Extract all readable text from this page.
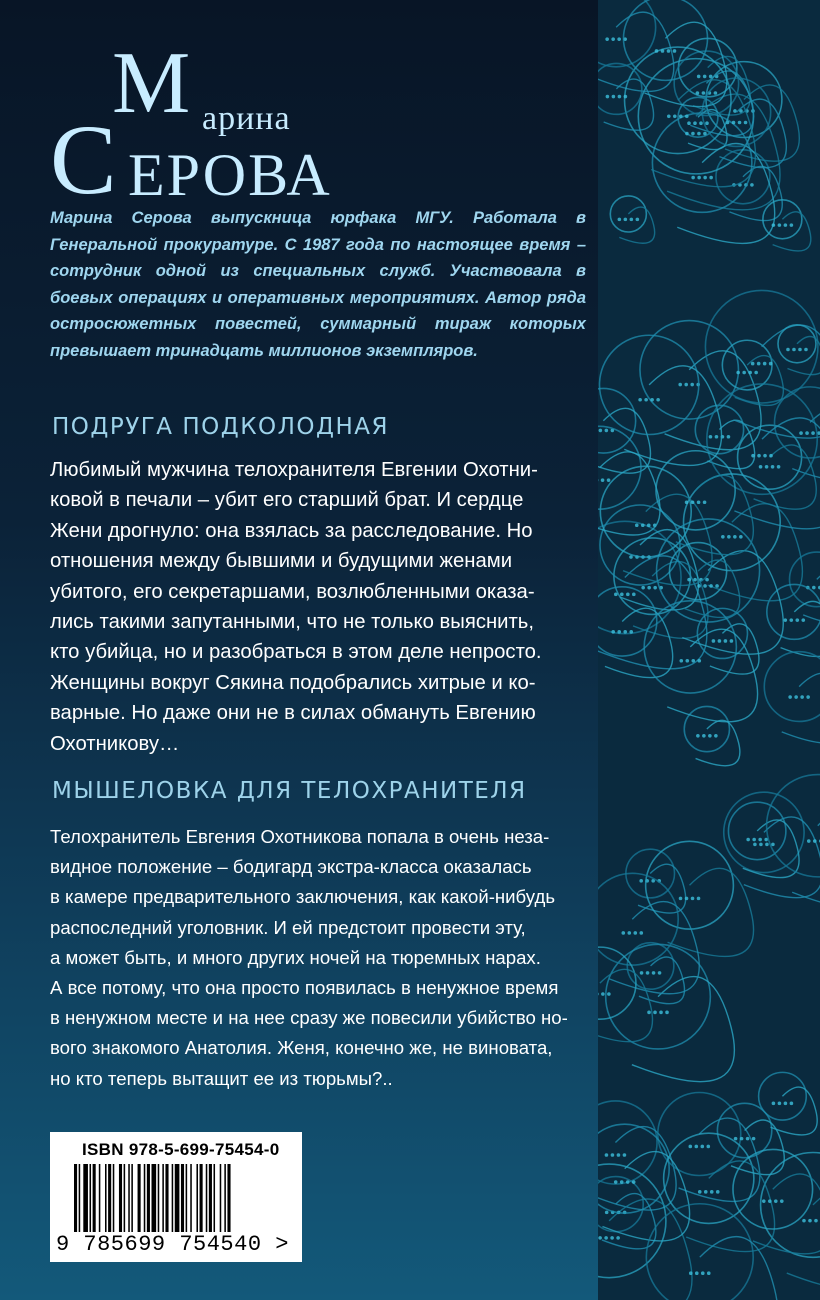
М арина
С ЕРОВА
Марина Серова выпускница юрфака МГУ. Работала в Генеральной прокуратуре. С 1987 года по настоящее время – сотрудник одной из специальных служб. Участвовала в боевых операциях и оперативных мероприятиях. Автор ряда остросюжетных повестей, суммарный тираж которых превышает тринадцать миллионов экземпляров.
ПОДРУГА ПОДКОЛОДНАЯ
Любимый мужчина телохранителя Евгении Охотни-
ковой в печали – убит его старший брат. И сердце
Жени дрогнуло: она взялась за расследование. Но
отношения между бывшими и будущими женами
убитого, его секретаршами, возлюбленными оказа-
лись такими запутанными, что не только выяснить,
кто убийца, но и разобраться в этом деле непросто.
Женщины вокруг Сякина подобрались хитрые и ко-
варные. Но даже они не в силах обмануть Евгению
Охотникову…
МЫШЕЛОВКА ДЛЯ ТЕЛОХРАНИТЕЛЯ
Телохранитель Евгения Охотникова попала в очень неза-
видное положение – бодигард экстра-класса оказалась
в камере предварительного заключения, как какой-нибудь
распоследний уголовник. И ей предстоит провести эту,
а может быть, и много других ночей на тюремных нарах.
А все потому, что она просто появилась в ненужное время
в ненужном месте и на нее сразу же повесили убийство но-
вого знакомого Анатолия. Женя, конечно же, не виновата,
но кто теперь вытащит ее из тюрьмы?..
ISBN 978-5-699-75454-0
9 785699 754540 >
